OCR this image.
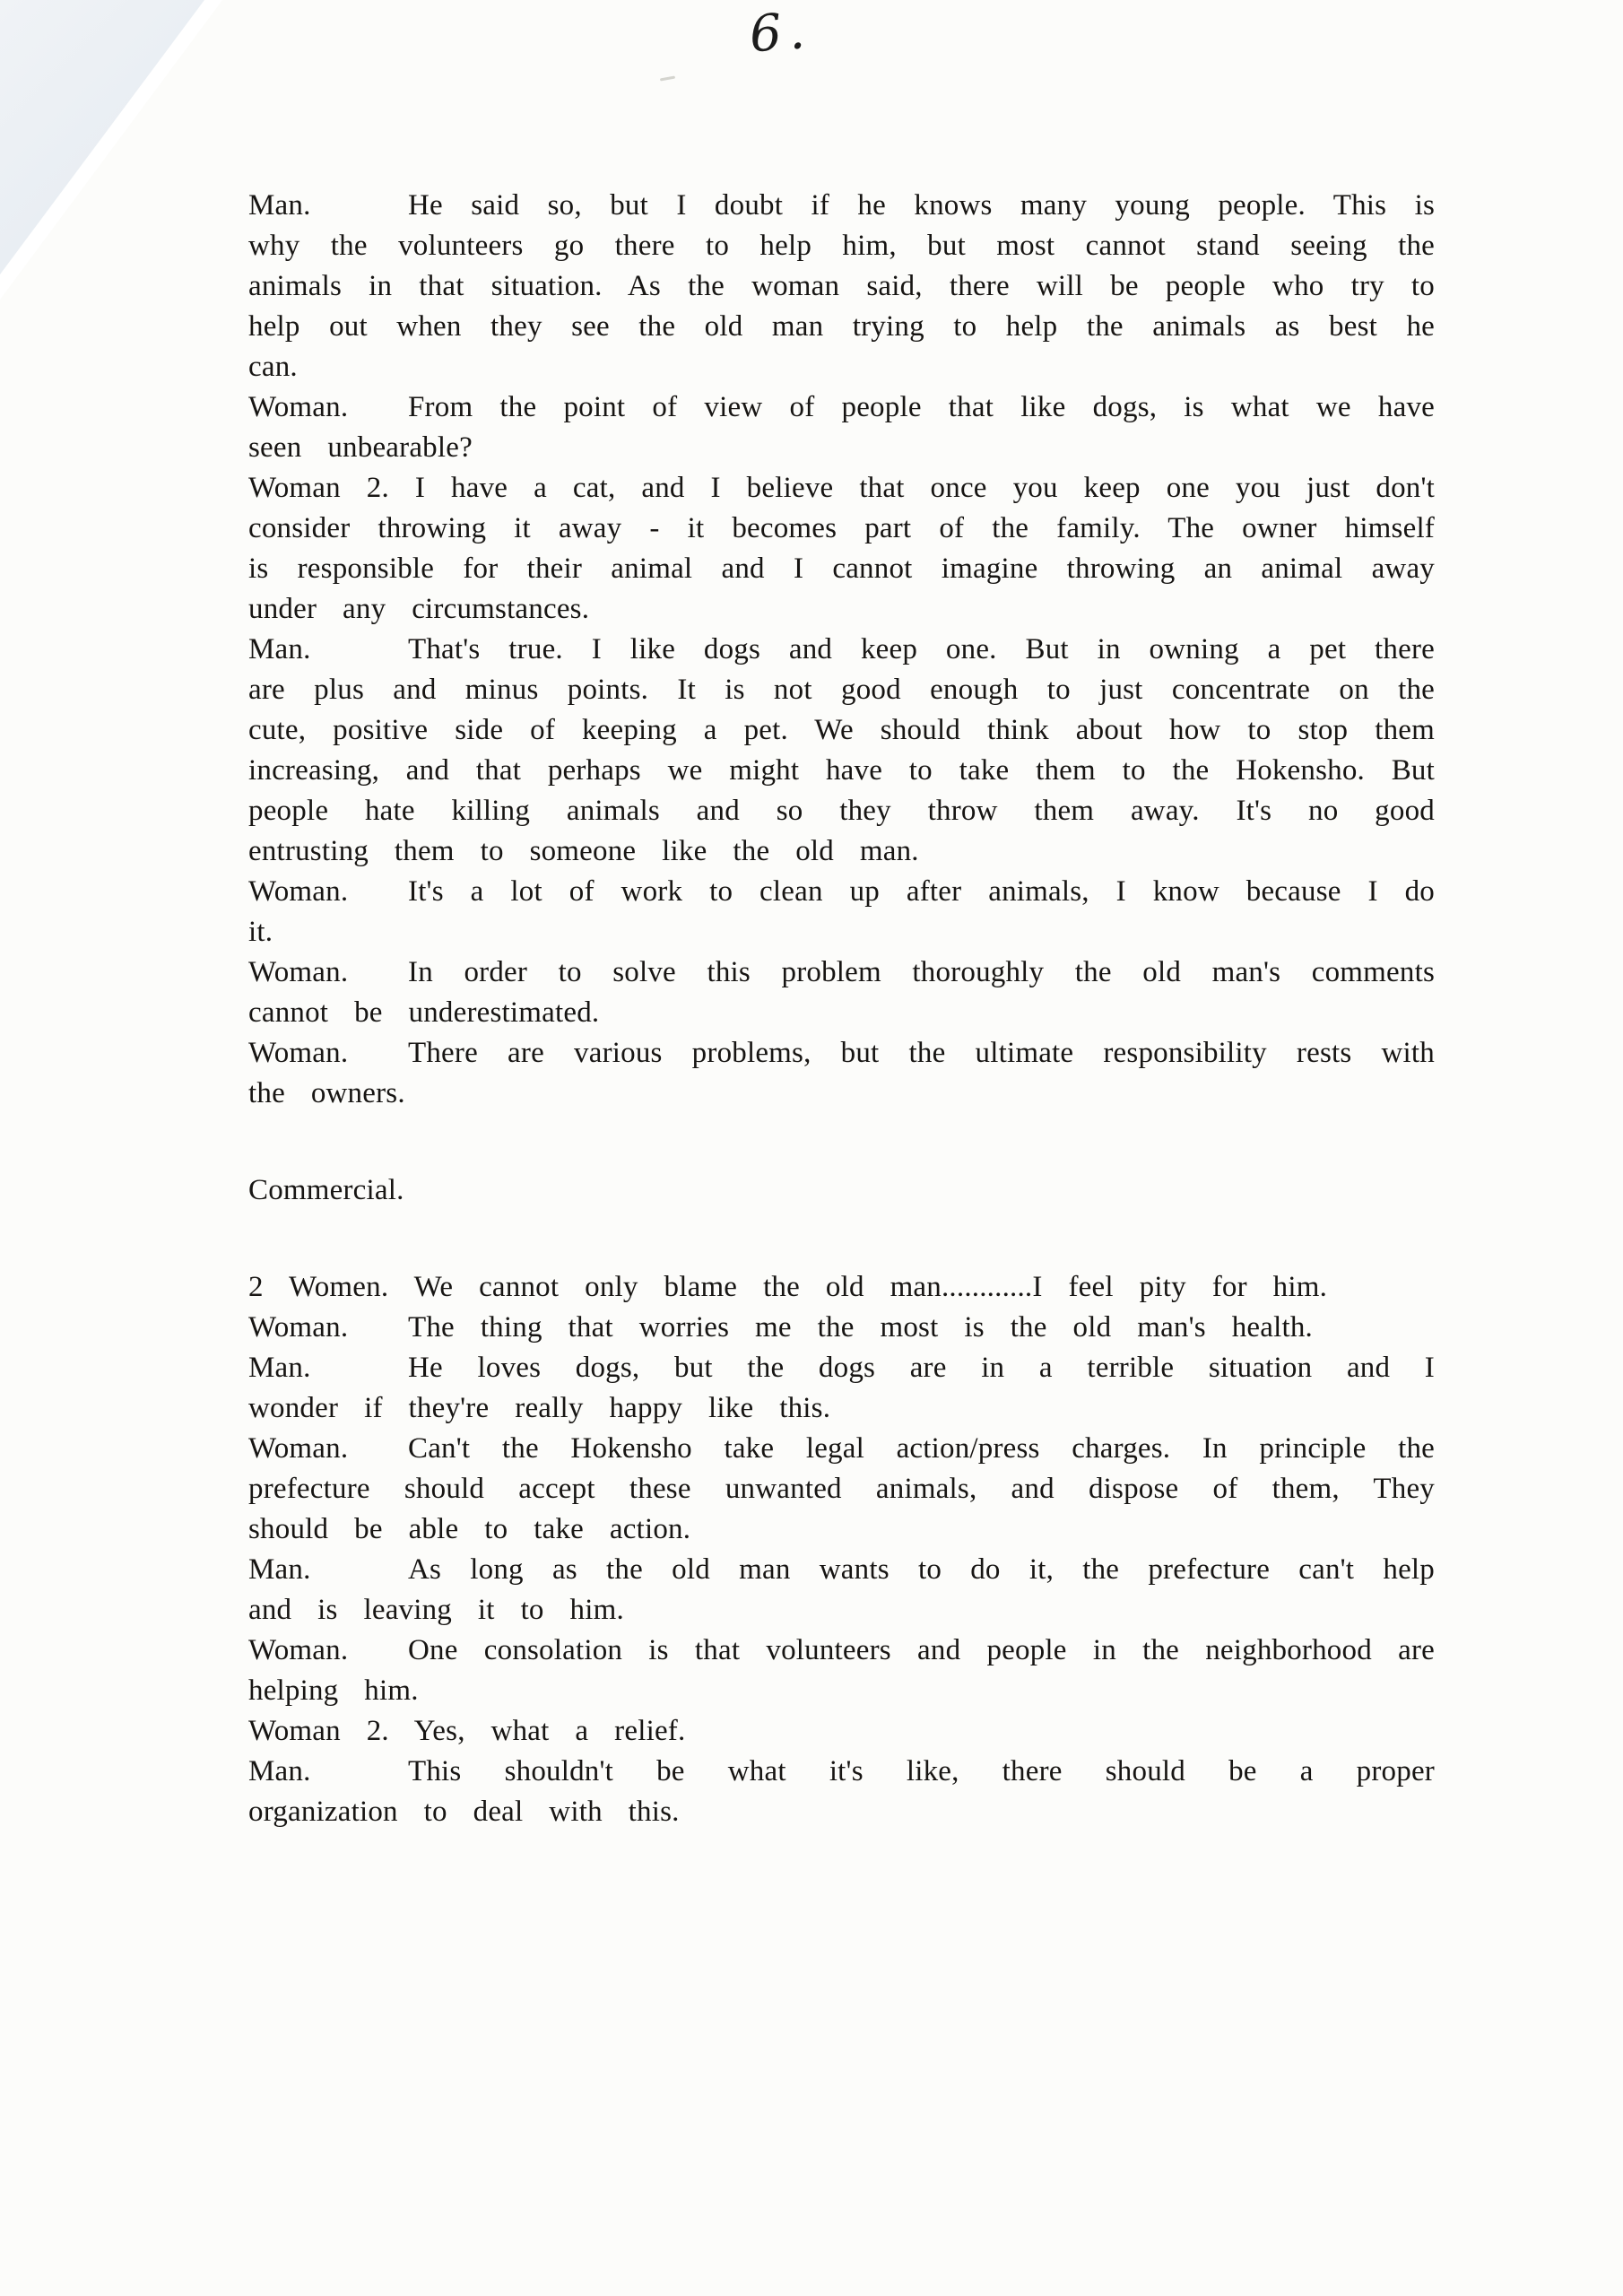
6.

Man.	He said so, but I doubt if he knows many young people. This is why the volunteers go there to help him, but most cannot stand seeing the animals in that situation. As the woman said, there will be people who try to help out when they see the old man trying to help the animals as best he can.

Woman. From the point of view of people that like dogs, is what we have seen unbearable?

Woman 2. I have a cat, and I believe that once you keep one you just don't consider throwing it away - it becomes part of the family. The owner himself is responsible for their animal and I cannot imagine throwing an animal away under any circumstances.

Man.	That's true. I like dogs and keep one. But in owning a pet there are plus and minus points. It is not good enough to just concentrate on the cute, positive side of keeping a pet. We should think about how to stop them increasing, and that perhaps we might have to take them to the Hokensho. But people hate killing animals and so they throw them away. It's no good entrusting them to someone like the old man.

Woman. It's a lot of work to clean up after animals, I know because I do it.

Woman. In order to solve this problem thoroughly the old man's comments cannot be underestimated.

Woman. There are various problems, but the ultimate responsibility rests with the owners.

Commercial.

2 Women. We cannot only blame the old man............I feel pity for him.

Woman. The thing that worries me the most is the old man's health.

Man.	He loves dogs, but the dogs are in a terrible situation and I wonder if they're really happy like this.

Woman. Can't the Hokensho take legal action/press charges. In principle the prefecture should accept these unwanted animals, and dispose of them, They should be able to take action.

Man.	As long as the old man wants to do it, the prefecture can't help and is leaving it to him.

Woman. One consolation is that volunteers and people in the neighborhood are helping him.

Woman 2. Yes, what a relief.

Man.	This shouldn't be what it's like, there should be a proper organization to deal with this.
